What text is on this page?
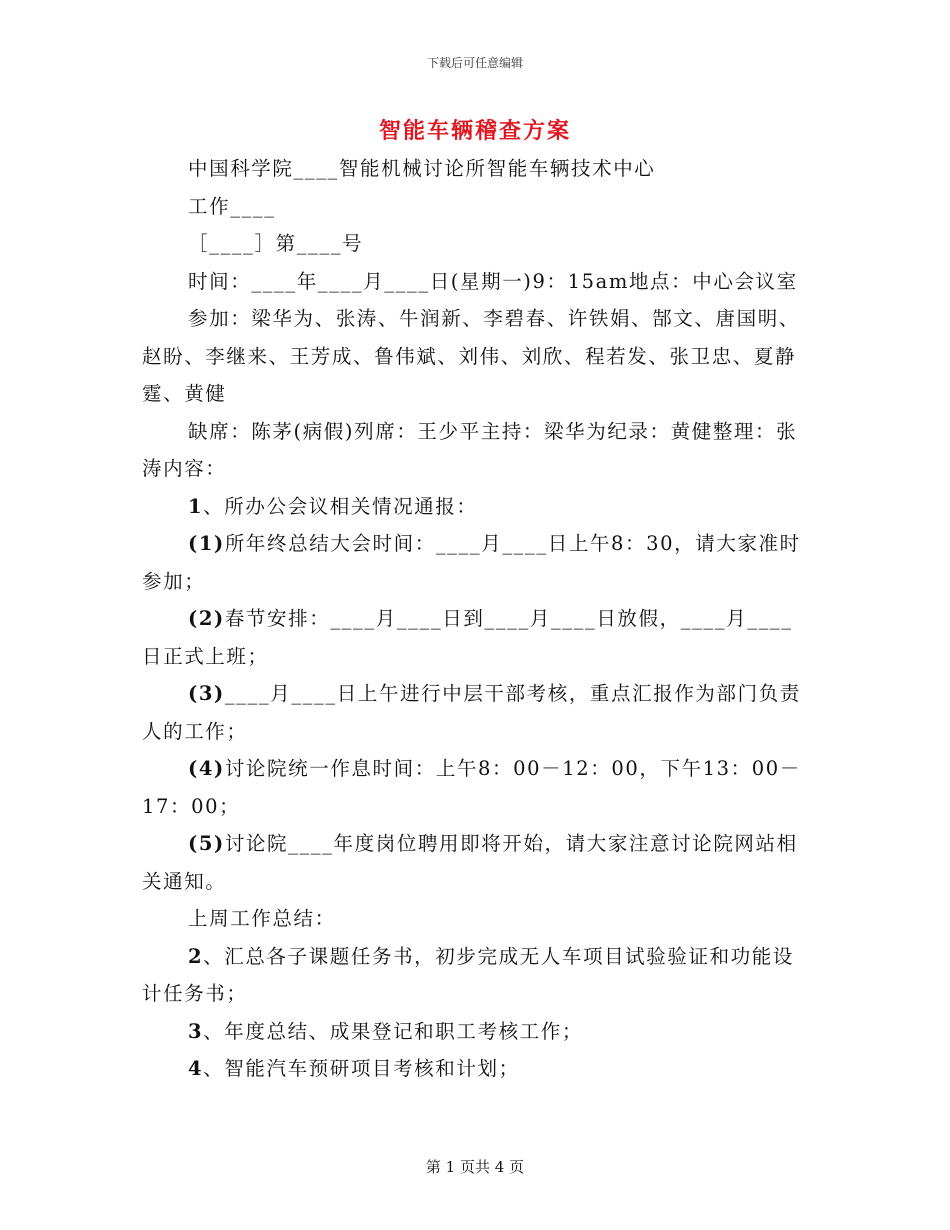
下载后可任意编辑
智能车辆稽查方案

中国科学院____智能机械讨论所智能车辆技术中心

工作____

［____］第____号

时间：____年____月____日(星期一)9：15am地点：中心会议室

参加：梁华为、张涛、牛润新、李碧春、许铁娟、郜文、唐国明、赵盼、李继来、王芳成、鲁伟斌、刘伟、刘欣、程若发、张卫忠、夏静霆、黄健

缺席：陈茅(病假)列席：王少平主持：梁华为纪录：黄健整理：张涛内容：

1、所办公会议相关情况通报：

(1)所年终总结大会时间：____月____日上午8：30，请大家准时参加；

(2)春节安排：____月____日到____月____日放假，____月____日正式上班；

(3)____月____日上午进行中层干部考核，重点汇报作为部门负责人的工作；

(4)讨论院统一作息时间：上午8：00－12：00，下午13：00－17：00；

(5)讨论院____年度岗位聘用即将开始，请大家注意讨论院网站相关通知。

上周工作总结：

2、汇总各子课题任务书，初步完成无人车项目试验验证和功能设计任务书；

3、年度总结、成果登记和职工考核工作；

4、智能汽车预研项目考核和计划；

第 1 页共 4 页
